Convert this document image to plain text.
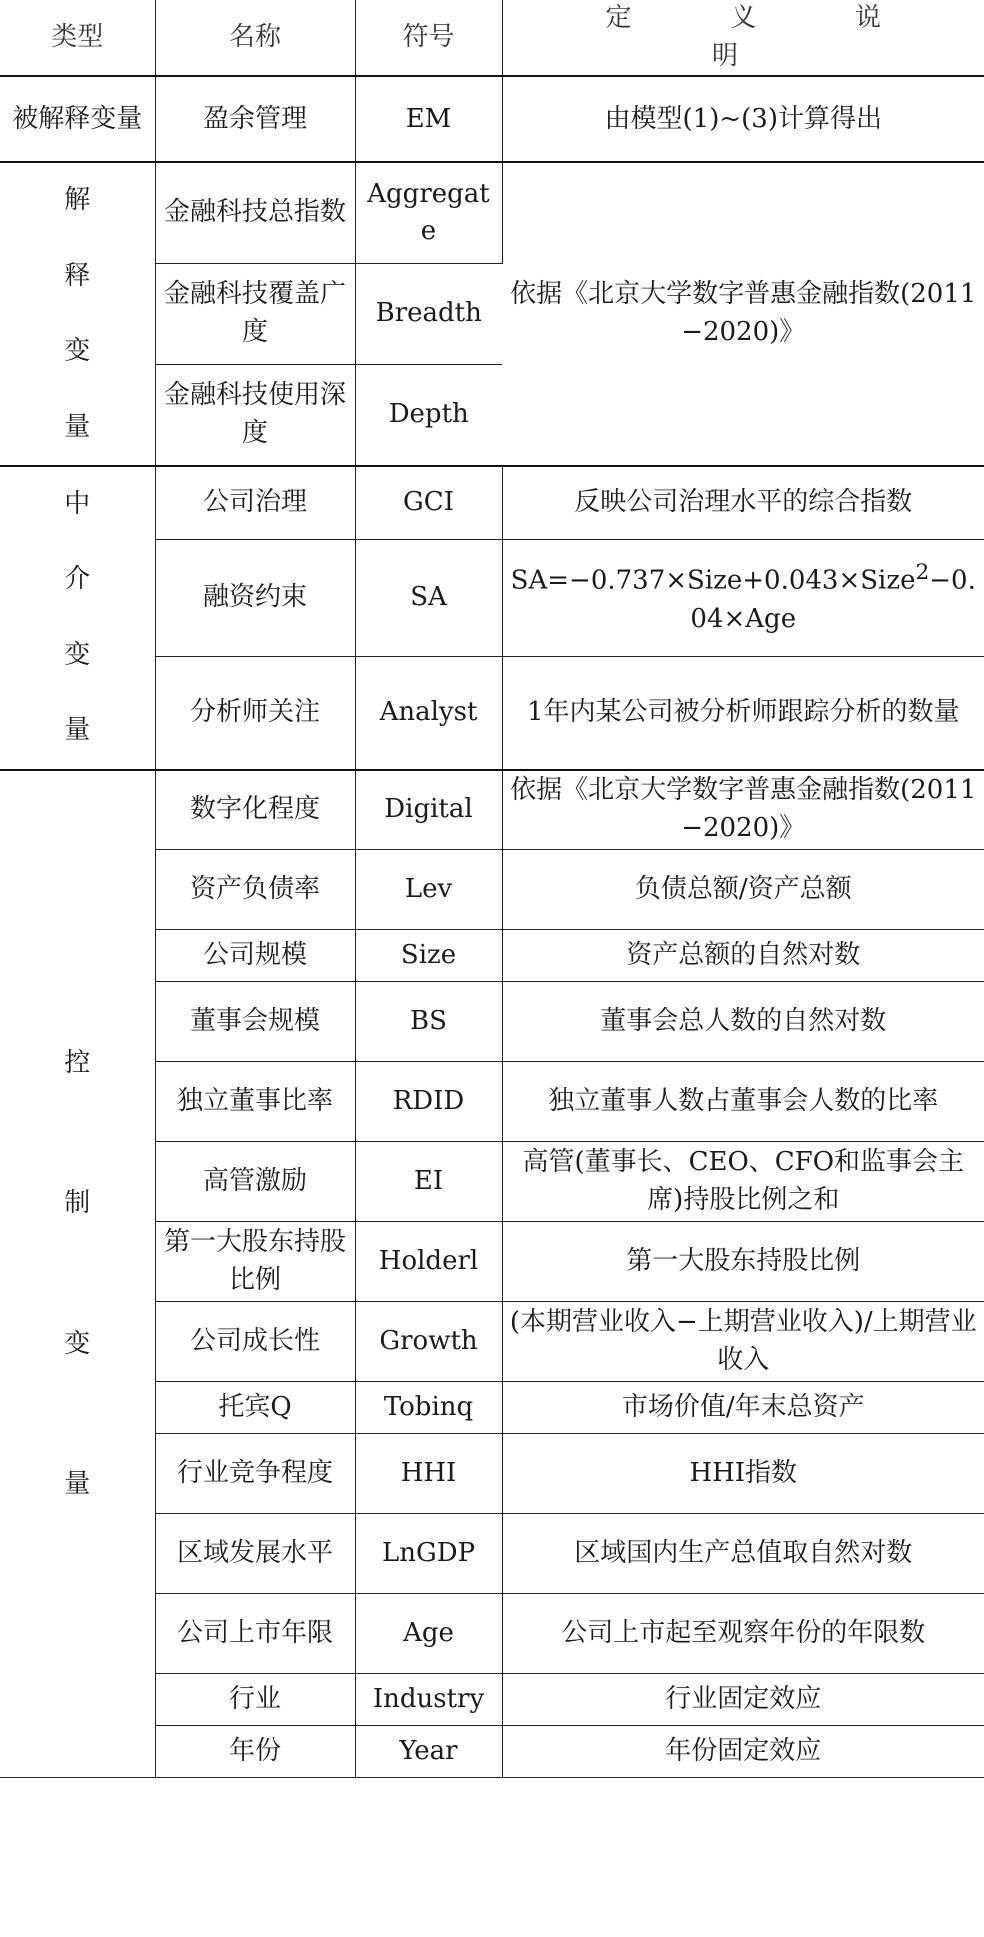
类型	名称	符号	定　义　说　明
被解释变量	盈余管理	EM	由模型(1)~(3)计算得出
解释变量	金融科技总指数	Aggregate	依据《北京大学数字普惠金融指数(2011−2020)》
	金融科技覆盖广度	Breadth	
	金融科技使用深度	Depth	
中介变量	公司治理	GCI	反映公司治理水平的综合指数
	融资约束	SA	SA=−0.737×Size+0.043×Size$^2$−0.04×Age
	分析师关注	Analyst	1年内某公司被分析师跟踪分析的数量
控制变量	数字化程度	Digital	依据《北京大学数字普惠金融指数(2011−2020)》
	资产负债率	Lev	负债总额/资产总额
	公司规模	Size	资产总额的自然对数
	董事会规模	BS	董事会总人数的自然对数
	独立董事比率	RDID	独立董事人数占董事会人数的比率
	高管激励	EI	高管(董事长、CEO、CFO和监事会主席)持股比例之和
	第一大股东持股比例	Holderl	第一大股东持股比例
	公司成长性	Growth	(本期营业收入−上期营业收入)/上期营业收入
	托宾Q	Tobinq	市场价值/年末总资产
	行业竞争程度	HHI	HHI指数
	区域发展水平	LnGDP	区域国内生产总值取自然对数
	公司上市年限	Age	公司上市起至观察年份的年限数
	行业	Industry	行业固定效应
	年份	Year	年份固定效应
